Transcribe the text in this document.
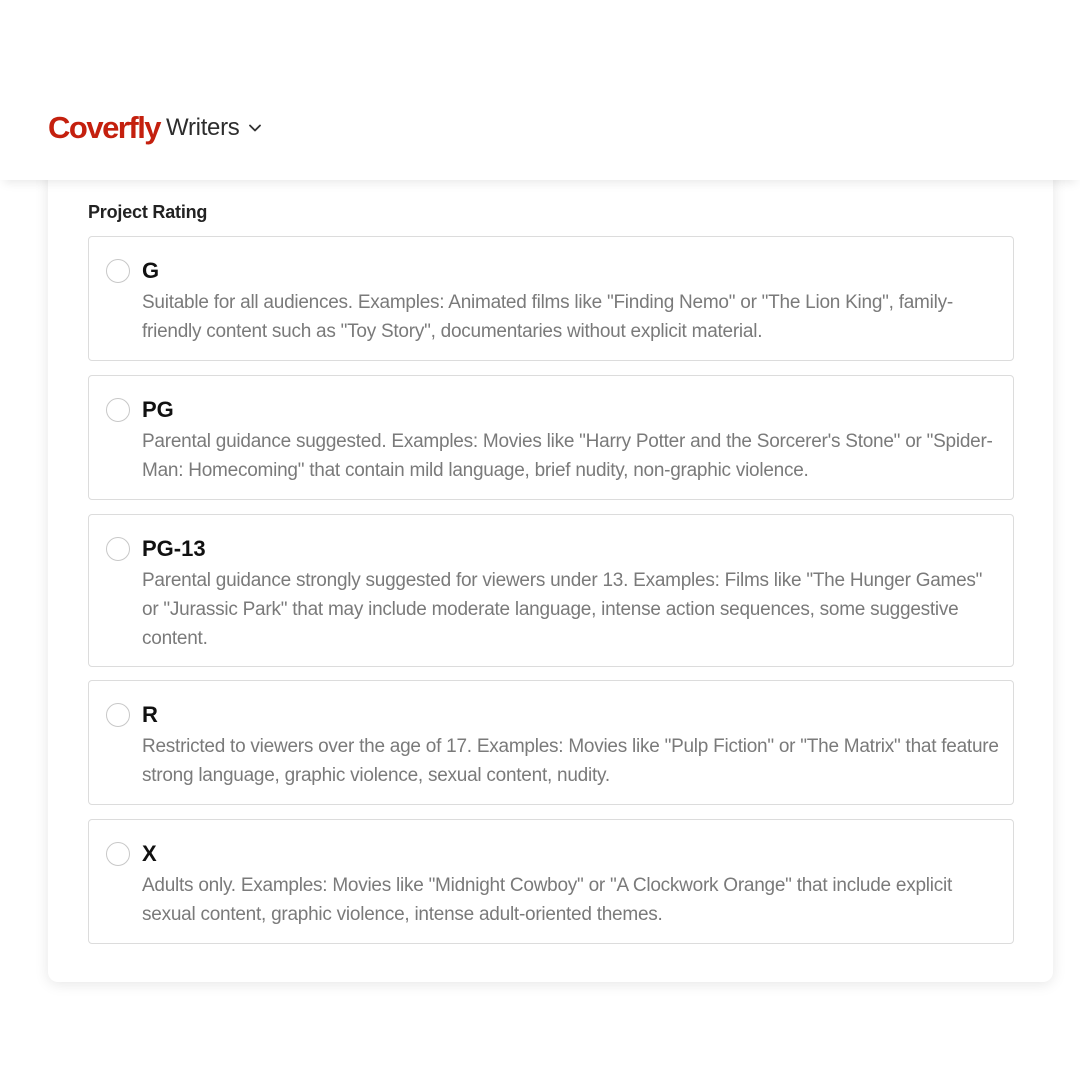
Coverfly Writers
Project Rating
G
Suitable for all audiences. Examples: Animated films like "Finding Nemo" or "The Lion King", family-friendly content such as "Toy Story", documentaries without explicit material.
PG
Parental guidance suggested. Examples: Movies like "Harry Potter and the Sorcerer's Stone" or "Spider-Man: Homecoming" that contain mild language, brief nudity, non-graphic violence.
PG-13
Parental guidance strongly suggested for viewers under 13. Examples: Films like "The Hunger Games" or "Jurassic Park" that may include moderate language, intense action sequences, some suggestive content.
R
Restricted to viewers over the age of 17. Examples: Movies like "Pulp Fiction" or "The Matrix" that feature strong language, graphic violence, sexual content, nudity.
X
Adults only. Examples: Movies like "Midnight Cowboy" or "A Clockwork Orange" that include explicit sexual content, graphic violence, intense adult-oriented themes.
